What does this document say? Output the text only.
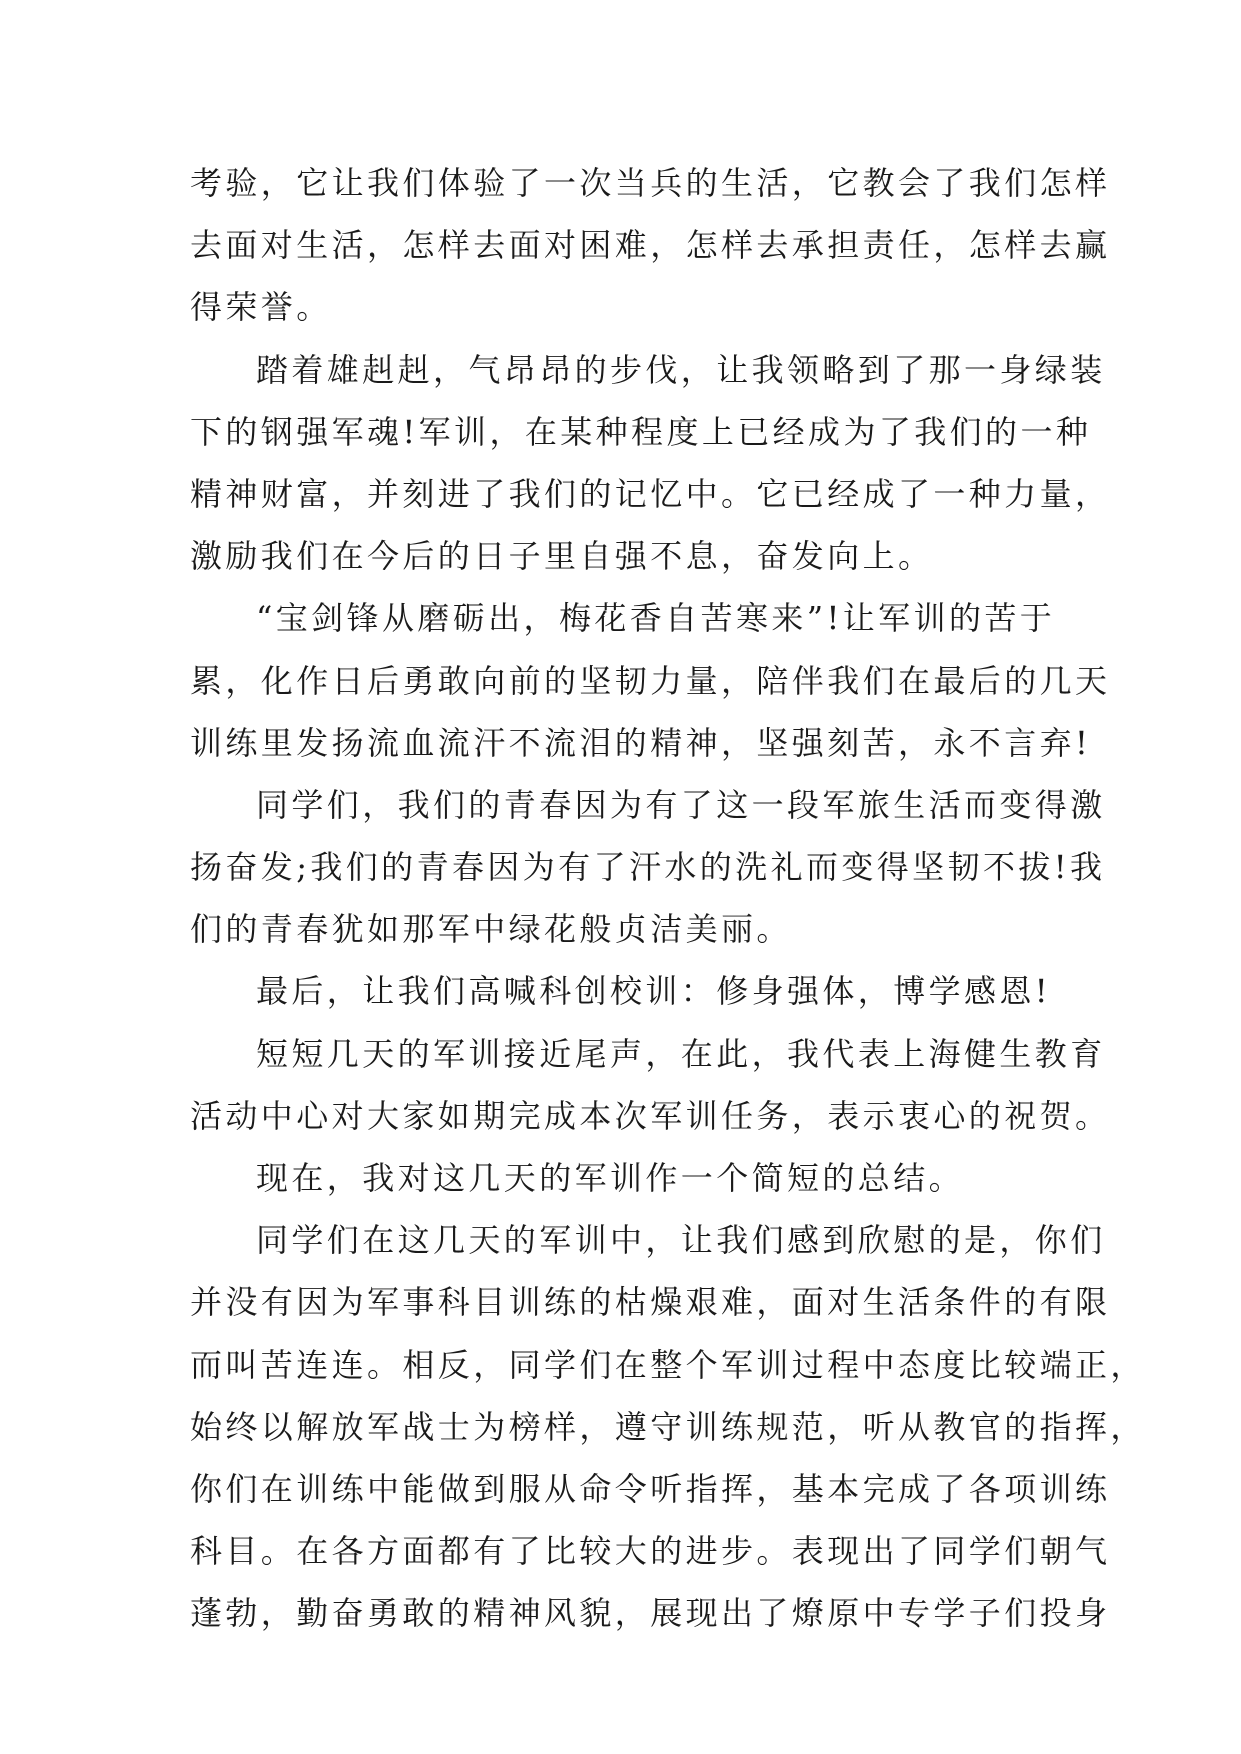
考验，它让我们体验了一次当兵的生活，它教会了我们怎样
去面对生活，怎样去面对困难，怎样去承担责任，怎样去赢
得荣誉。
踏着雄赳赳，气昂昂的步伐，让我领略到了那一身绿装
下的钢强军魂!军训，在某种程度上已经成为了我们的一种
精神财富，并刻进了我们的记忆中。它已经成了一种力量，
激励我们在今后的日子里自强不息，奋发向上。
“宝剑锋从磨砺出，梅花香自苦寒来”!让军训的苦于
累，化作日后勇敢向前的坚韧力量，陪伴我们在最后的几天
训练里发扬流血流汗不流泪的精神，坚强刻苦，永不言弃!
同学们，我们的青春因为有了这一段军旅生活而变得激
扬奋发;我们的青春因为有了汗水的洗礼而变得坚韧不拔!我
们的青春犹如那军中绿花般贞洁美丽。
最后，让我们高喊科创校训：修身强体，博学感恩!
短短几天的军训接近尾声，在此，我代表上海健生教育
活动中心对大家如期完成本次军训任务，表示衷心的祝贺。
现在，我对这几天的军训作一个简短的总结。
同学们在这几天的军训中，让我们感到欣慰的是，你们
并没有因为军事科目训练的枯燥艰难，面对生活条件的有限
而叫苦连连。相反，同学们在整个军训过程中态度比较端正，
始终以解放军战士为榜样，遵守训练规范，听从教官的指挥，
你们在训练中能做到服从命令听指挥，基本完成了各项训练
科目。在各方面都有了比较大的进步。表现出了同学们朝气
蓬勃，勤奋勇敢的精神风貌，展现出了燎原中专学子们投身
